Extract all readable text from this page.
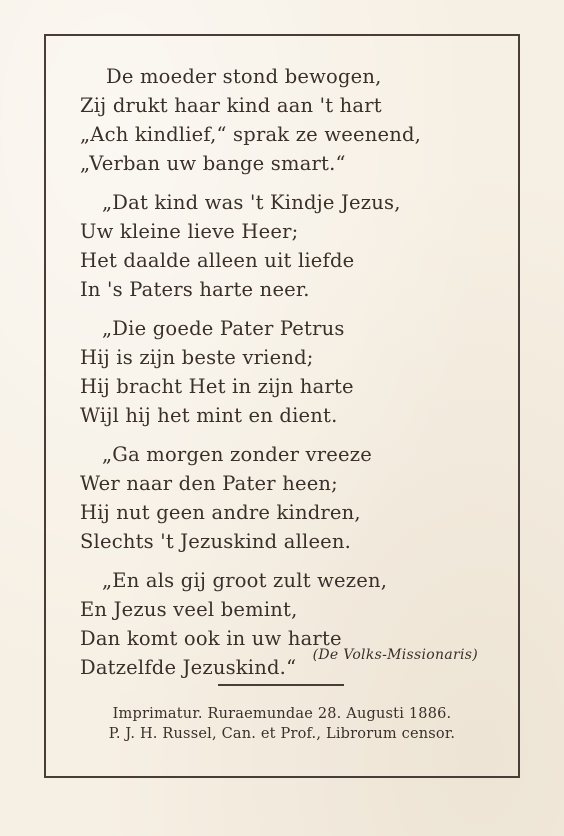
De moeder stond bewogen,
Zij drukt haar kind aan 't hart
„Ach kindlief,“ sprak ze weenend,
„Verban uw bange smart.“
„Dat kind was 't Kindje Jezus,
Uw kleine lieve Heer;
Het daalde alleen uit liefde
In 's Paters harte neer.
„Die goede Pater Petrus
Hij is zijn beste vriend;
Hij bracht Het in zijn harte
Wijl hij het mint en dient.
„Ga morgen zonder vreeze
Wer naar den Pater heen;
Hij nut geen andre kindren,
Slechts 't Jezuskind alleen.
„En als gij groot zult wezen,
En Jezus veel bemint,
Dan komt ook in uw harte
Datzelfde Jezuskind.“
(De Volks-Missionaris)
Imprimatur. Ruraemundae 28. Augusti 1886.
P. J. H. Russel, Can. et Prof., Librorum censor.
